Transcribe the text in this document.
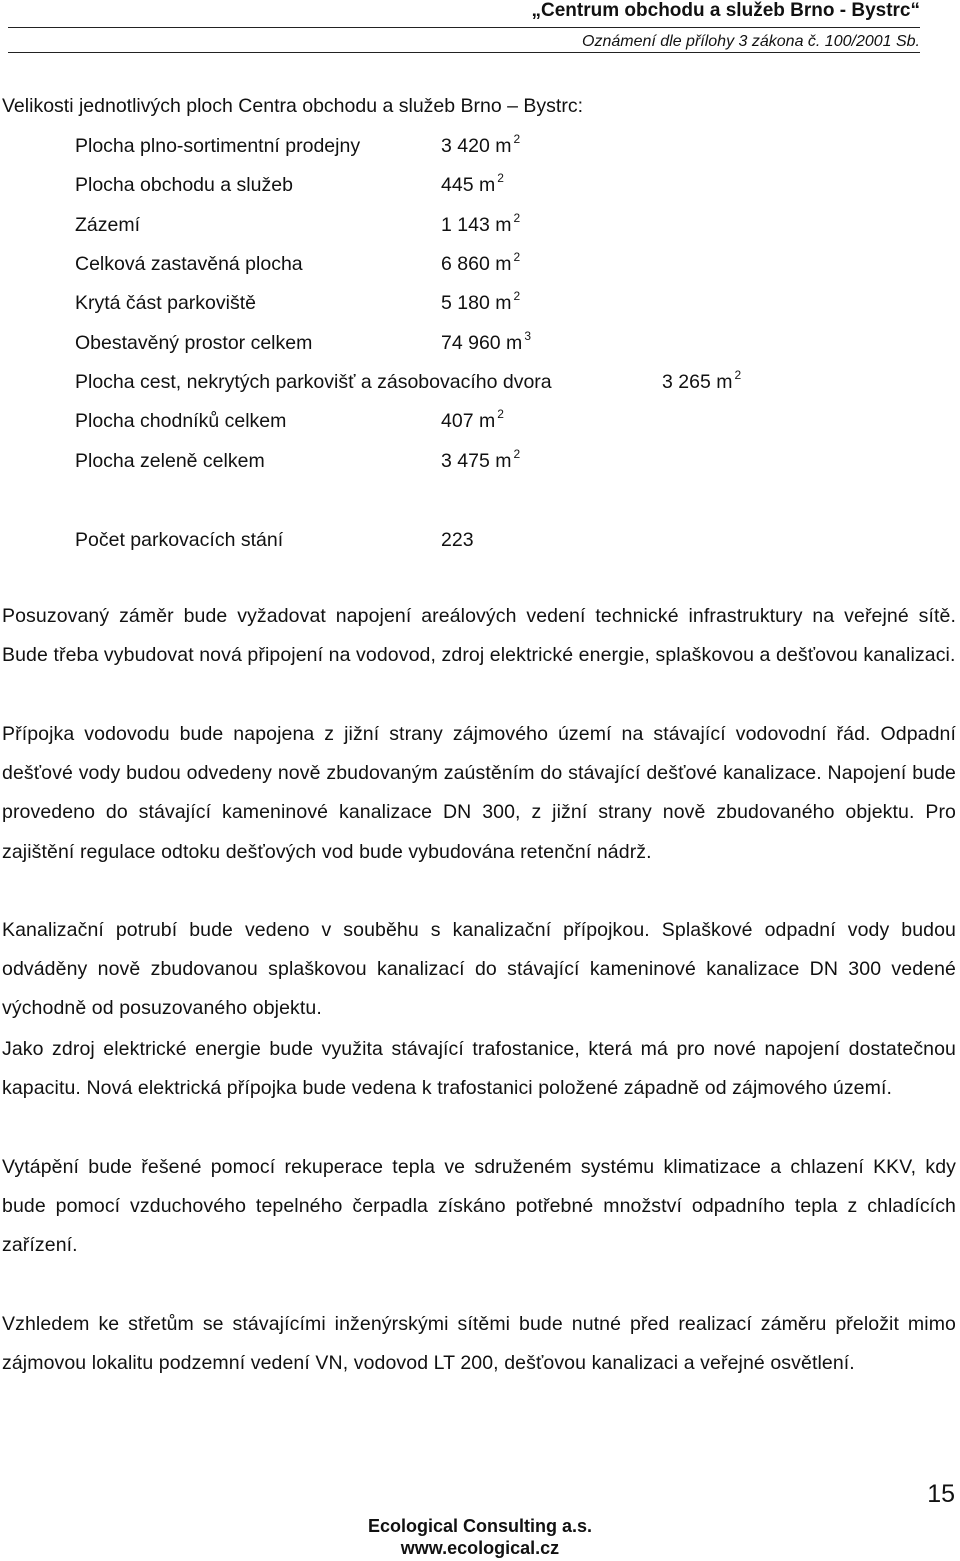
„Centrum obchodu a služeb Brno - Bystrc“
Oznámení dle přílohy 3 zákona č. 100/2001 Sb.
Velikosti jednotlivých ploch Centra obchodu a služeb Brno – Bystrc:
Plocha plno-sortimentní prodejny	3 420 m $^2$
Plocha obchodu a služeb	445 m $^2$
Zázemí	1 143 m $^2$
Celková zastavěná plocha	6 860 m $^2$
Krytá část parkoviště	5 180 m $^2$
Obestavěný prostor celkem	74 960 m $^3$
Plocha cest, nekrytých parkovišť a zásobovacího dvora	3 265 m $^2$
Plocha chodníků celkem	407 m $^2$
Plocha zeleně celkem	3 475 m $^2$
Počet parkovacích stání	223
Posuzovaný záměr bude vyžadovat napojení areálových vedení technické infrastruktury na veřejné sítě. Bude třeba vybudovat nová připojení na vodovod, zdroj elektrické energie, splaškovou a dešťovou kanalizaci.
Přípojka vodovodu bude napojena z jižní strany zájmového území na stávající vodovodní řád. Odpadní dešťové vody budou odvedeny nově zbudovaným zaústěním do stávající dešťové kanalizace. Napojení bude provedeno do stávající kameninové kanalizace DN 300, z jižní strany nově zbudovaného objektu. Pro zajištění regulace odtoku dešťových vod bude vybudována retenční nádrž.
Kanalizační potrubí bude vedeno v souběhu s kanalizační přípojkou. Splaškové odpadní vody budou odváděny nově zbudovanou splaškovou kanalizací do stávající kameninové kanalizace DN 300 vedené východně od posuzovaného objektu.
Jako zdroj elektrické energie bude využita stávající trafostanice, která má pro nové napojení dostatečnou kapacitu. Nová elektrická přípojka bude vedena k trafostanici položené západně od zájmového území.
Vytápění bude řešené pomocí rekuperace tepla ve sdruženém systému klimatizace a chlazení KKV, kdy bude pomocí vzduchového tepelného čerpadla získáno potřebné množství odpadního tepla z chladících zařízení.
Vzhledem ke střetům se stávajícími inženýrskými sítěmi bude nutné před realizací záměru přeložit mimo zájmovou lokalitu podzemní vedení VN, vodovod LT 200, dešťovou kanalizaci a veřejné osvětlení.
15
Ecological Consulting a.s.
www.ecological.cz
